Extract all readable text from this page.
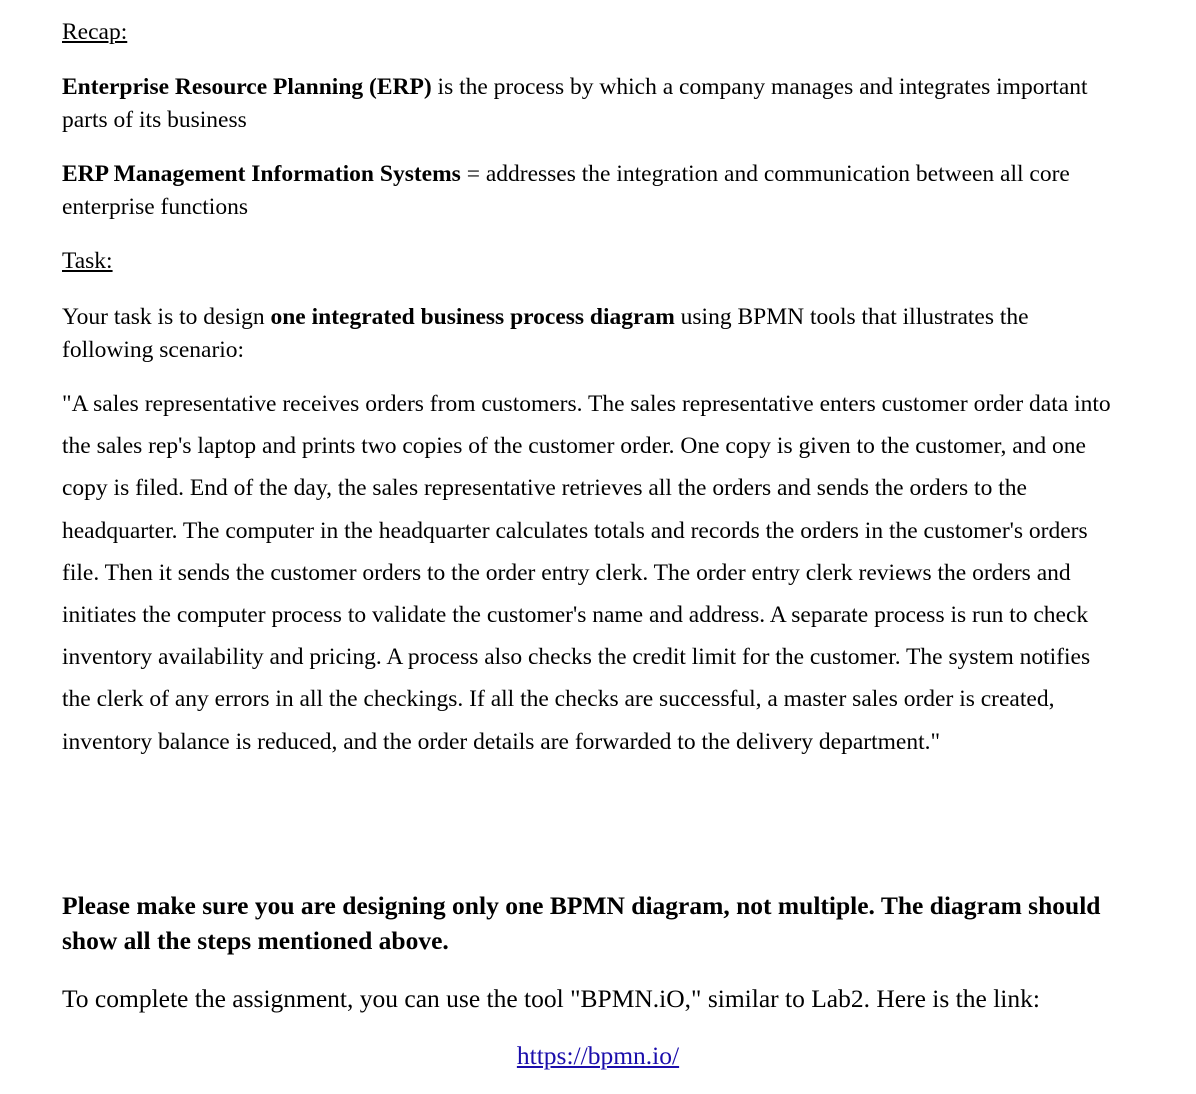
Recap:

Enterprise Resource Planning (ERP) is the process by which a company manages and integrates important parts of its business

ERP Management Information Systems = addresses the integration and communication between all core enterprise functions

Task:

Your task is to design one integrated business process diagram using BPMN tools that illustrates the following scenario:

"A sales representative receives orders from customers. The sales representative enters customer order data into the sales rep's laptop and prints two copies of the customer order. One copy is given to the customer, and one copy is filed. End of the day, the sales representative retrieves all the orders and sends the orders to the headquarter. The computer in the headquarter calculates totals and records the orders in the customer's orders file. Then it sends the customer orders to the order entry clerk. The order entry clerk reviews the orders and initiates the computer process to validate the customer's name and address. A separate process is run to check inventory availability and pricing. A process also checks the credit limit for the customer. The system notifies the clerk of any errors in all the checkings. If all the checks are successful, a master sales order is created, inventory balance is reduced, and the order details are forwarded to the delivery department."

Please make sure you are designing only one BPMN diagram, not multiple. The diagram should show all the steps mentioned above.

To complete the assignment, you can use the tool "BPMN.iO," similar to Lab2. Here is the link:

https://bpmn.io/
